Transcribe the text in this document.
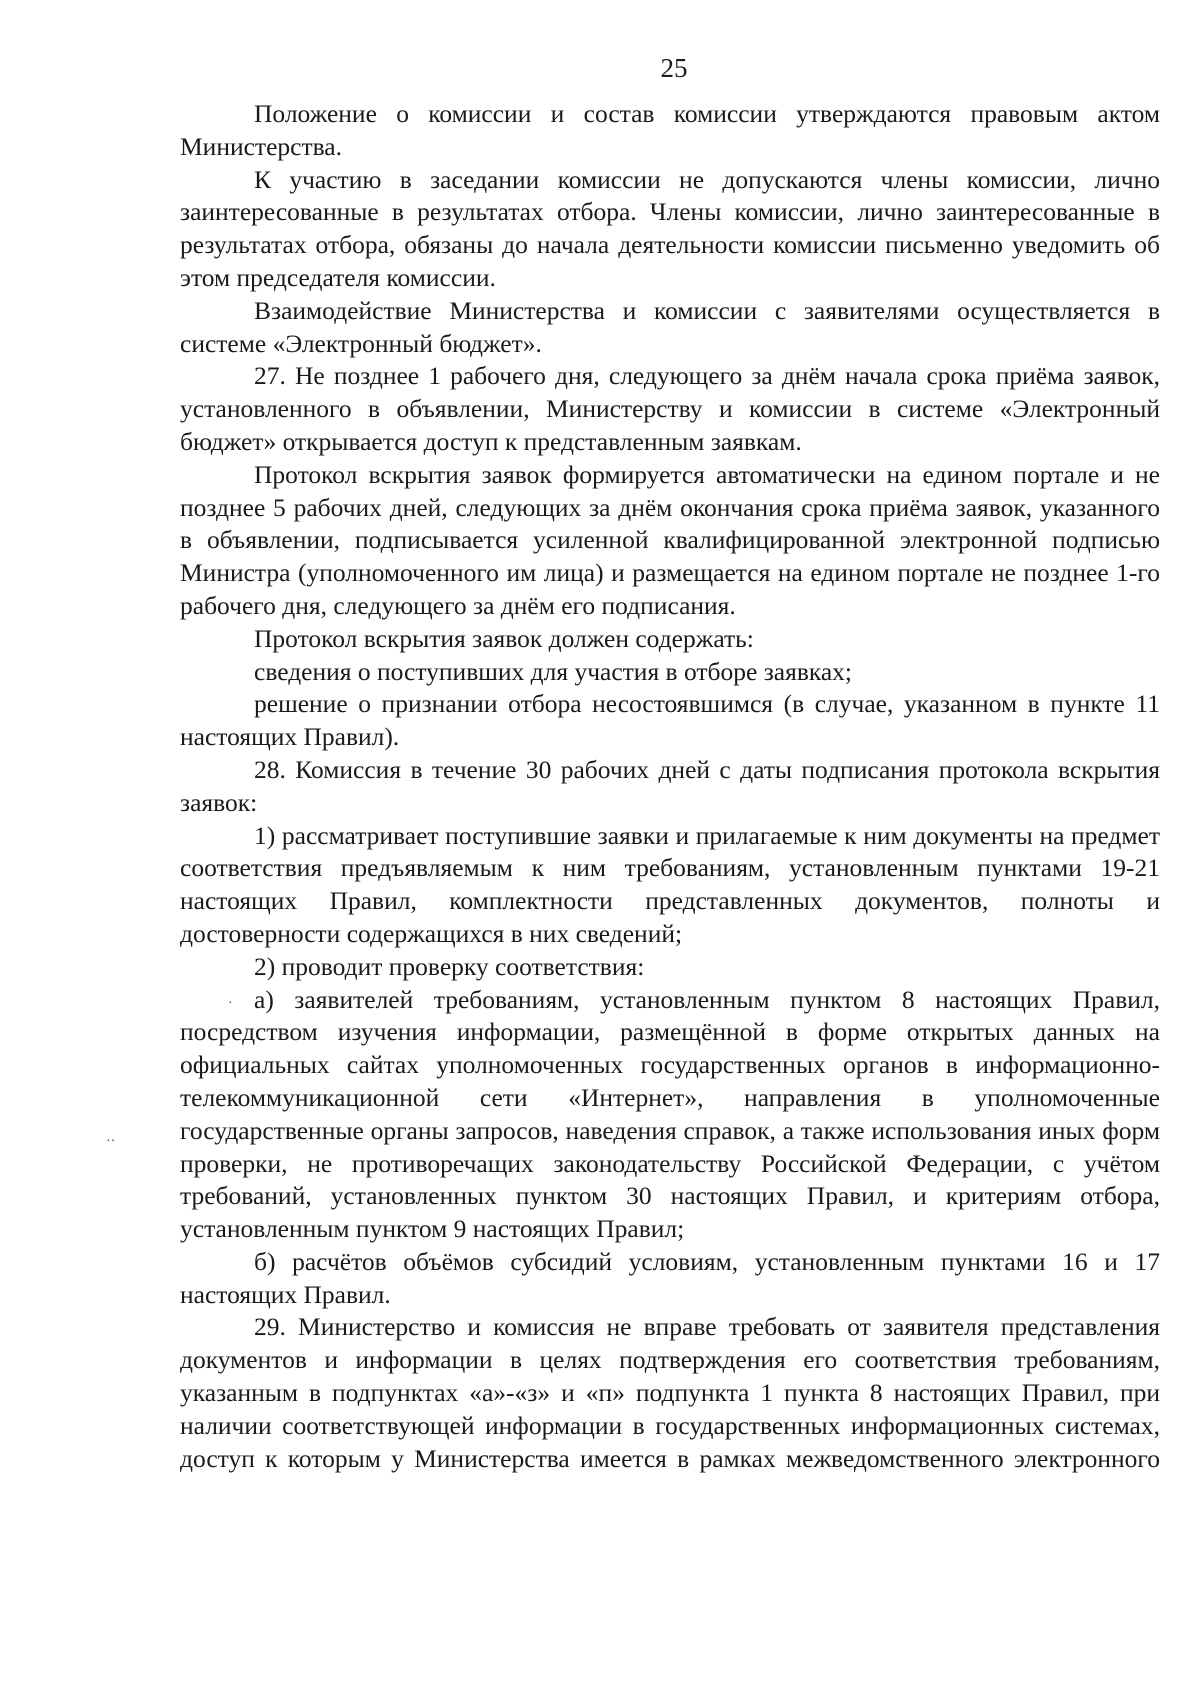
25

Положение о комиссии и состав комиссии утверждаются правовым актом Министерства.

К участию в заседании комиссии не допускаются члены комиссии, лично заинтересованные в результатах отбора. Члены комиссии, лично заинтересованные в результатах отбора, обязаны до начала деятельности комиссии письменно уведомить об этом председателя комиссии.

Взаимодействие Министерства и комиссии с заявителями осуществляется в системе «Электронный бюджет».

27. Не позднее 1 рабочего дня, следующего за днём начала срока приёма заявок, установленного в объявлении, Министерству и комиссии в системе «Электронный бюджет» открывается доступ к представленным заявкам.

Протокол вскрытия заявок формируется автоматически на едином портале и не позднее 5 рабочих дней, следующих за днём окончания срока приёма заявок, указанного в объявлении, подписывается усиленной квалифицированной электронной подписью Министра (уполномоченного им лица) и размещается на едином портале не позднее 1-го рабочего дня, следующего за днём его подписания.

Протокол вскрытия заявок должен содержать:

сведения о поступивших для участия в отборе заявках;

решение о признании отбора несостоявшимся (в случае, указанном в пункте 11 настоящих Правил).

28. Комиссия в течение 30 рабочих дней с даты подписания протокола вскрытия заявок:

1) рассматривает поступившие заявки и прилагаемые к ним документы на предмет соответствия предъявляемым к ним требованиям, установленным пунктами 19-21 настоящих Правил, комплектности представленных документов, полноты и достоверности содержащихся в них сведений;

2) проводит проверку соответствия:

а) заявителей требованиям, установленным пунктом 8 настоящих Правил, посредством изучения информации, размещённой в форме открытых данных на официальных сайтах уполномоченных государственных органов в информационно-телекоммуникационной сети «Интернет», направления в уполномоченные государственные органы запросов, наведения справок, а также использования иных форм проверки, не противоречащих законодательству Российской Федерации, с учётом требований, установленных пунктом 30 настоящих Правил, и критериям отбора, установленным пунктом 9 настоящих Правил;

б) расчётов объёмов субсидий условиям, установленным пунктами 16 и 17 настоящих Правил.

29. Министерство и комиссия не вправе требовать от заявителя представления документов и информации в целях подтверждения его соответствия требованиям, указанным в подпунктах «а»-«з» и «п» подпункта 1 пункта 8 настоящих Правил, при наличии соответствующей информации в государственных информационных системах, доступ к которым у Министерства имеется в рамках межведомственного электронного

·
··
